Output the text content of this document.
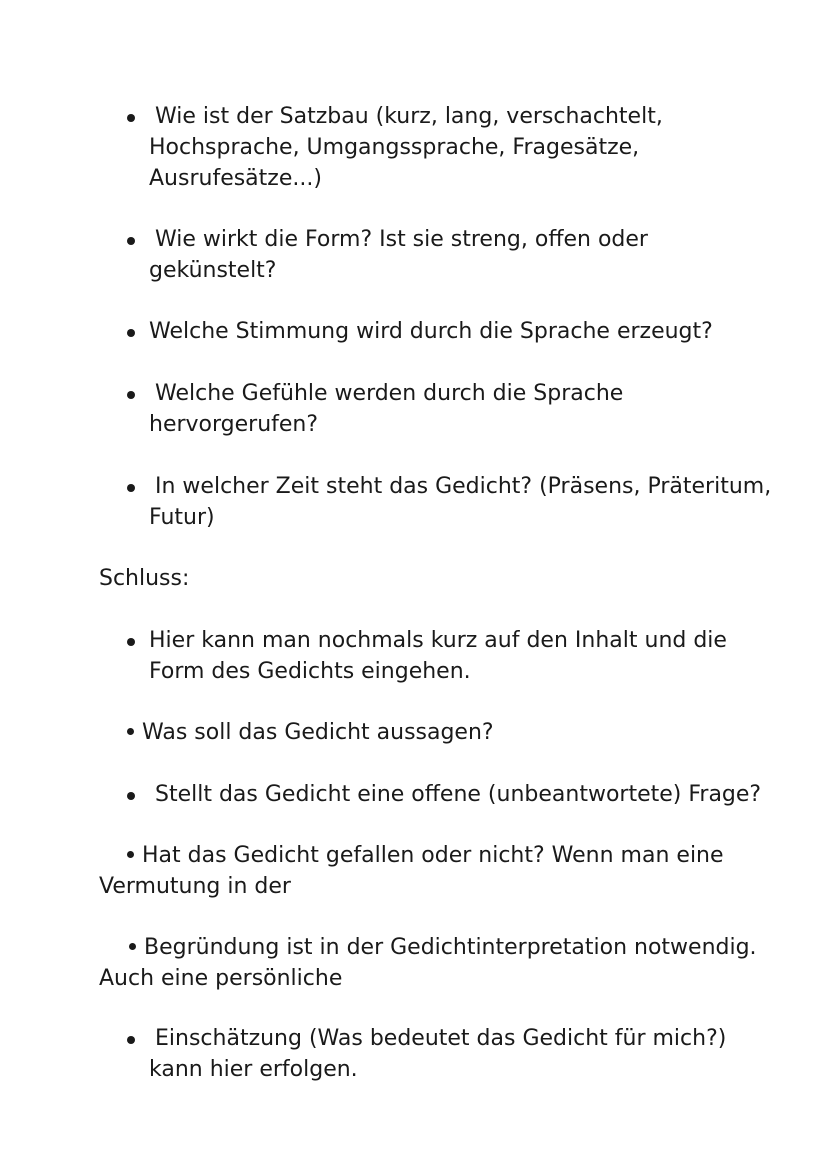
Wie ist der Satzbau (kurz, lang, verschachtelt,
Hochsprache, Umgangssprache, Fragesätze,
Ausrufesätze...)
Wie wirkt die Form? Ist sie streng, offen oder
gekünstelt?
Welche Stimmung wird durch die Sprache erzeugt?
Welche Gefühle werden durch die Sprache
hervorgerufen?
In welcher Zeit steht das Gedicht? (Präsens, Präteritum,
Futur)
Schluss:
Hier kann man nochmals kurz auf den Inhalt und die
Form des Gedichts eingehen.
Was soll das Gedicht aussagen?
Stellt das Gedicht eine offene (unbeantwortete) Frage?
Hat das Gedicht gefallen oder nicht? Wenn man eine
Vermutung in der
Begründung ist in der Gedichtinterpretation notwendig.
Auch eine persönliche
Einschätzung (Was bedeutet das Gedicht für mich?)
kann hier erfolgen.
